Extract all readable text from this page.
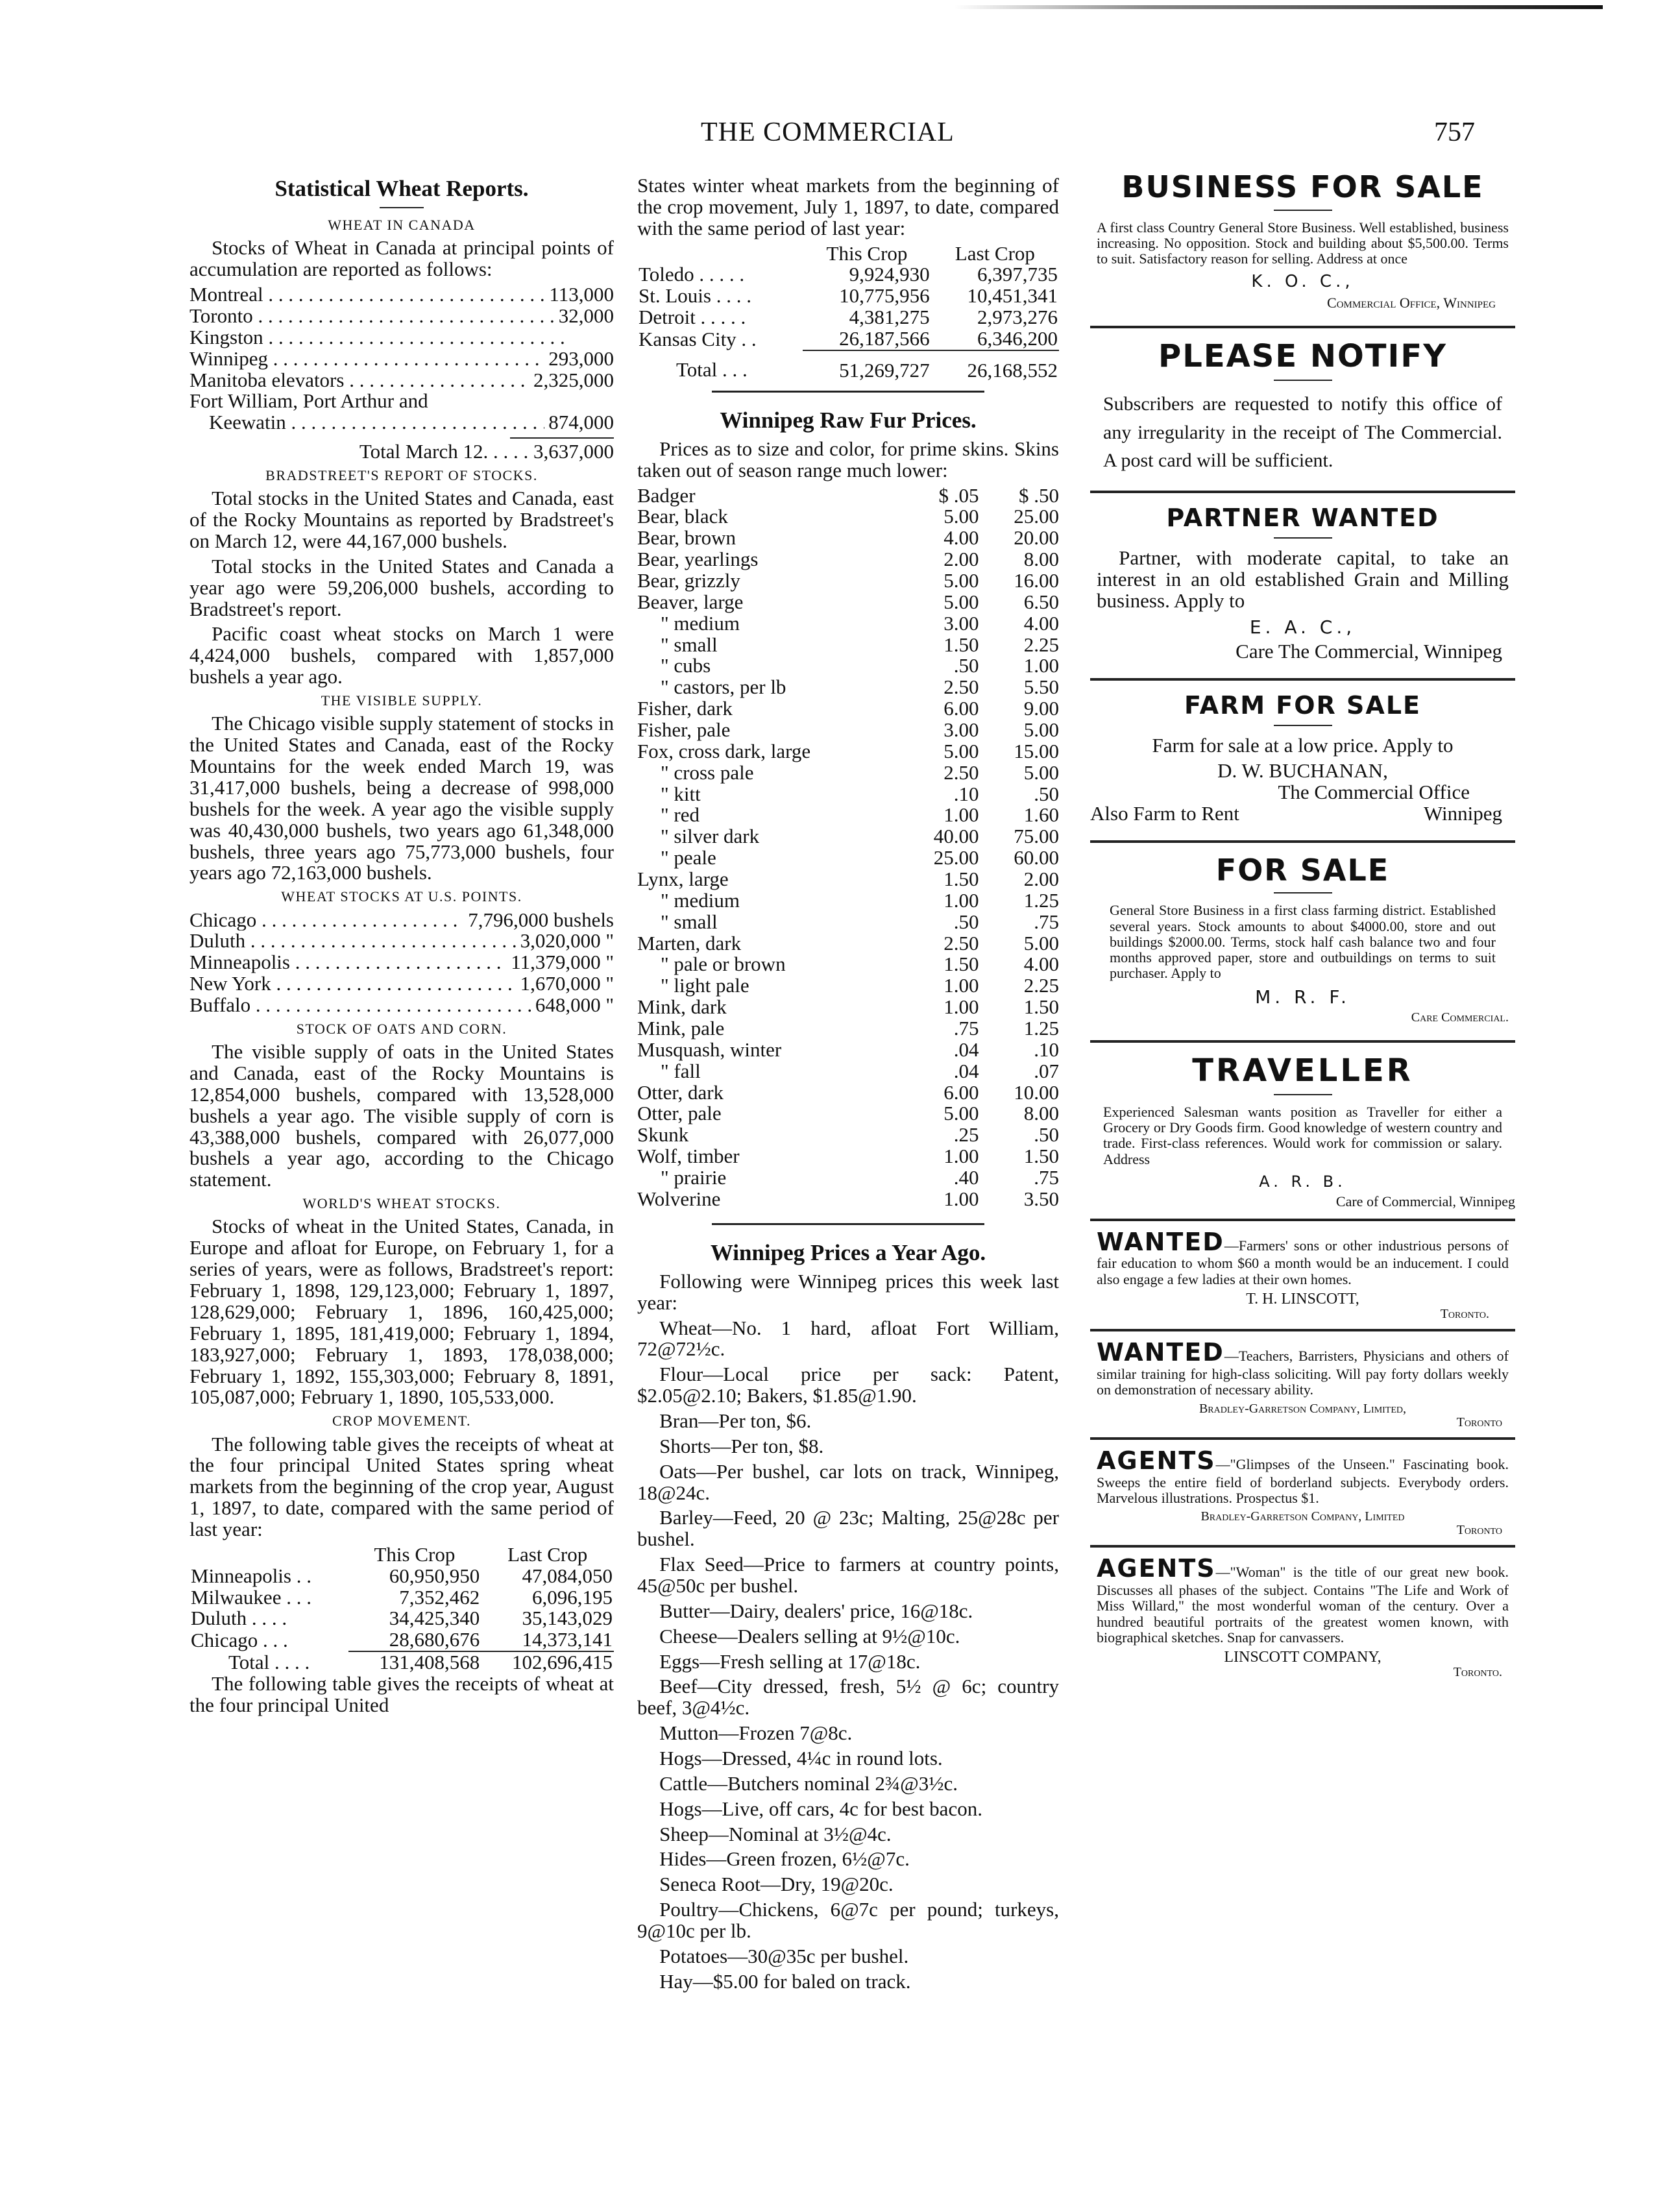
THE COMMERCIAL	757
Statistical Wheat Reports.
WHEAT IN CANADA

Stocks of Wheat in Canada at principal points of accumulation are reported as follows:

Montreal . . .	113,000
Toronto . . .	32,000
Kingston . . .
Winnipeg . . .	293,000
Manitoba elevators . . .	2,325,000
Fort William, Port Arthur and
Keewatin . . .	874,000
Total March 12. . . . . 3,637,000
BRADSTREET'S REPORT OF STOCKS.

Total stocks in the United States and Canada, east of the Rocky Mountains as reported by Bradstreet's on March 12, were 44,167,000 bushels.

Total stocks in the United States and Canada a year ago were 59,206,000 bushels, according to Bradstreet's report.

Pacific coast wheat stocks on March 1 were 4,424,000 bushels, compared with 1,857,000 bushels a year ago.

THE VISIBLE SUPPLY.

The Chicago visible supply statement of stocks in the United States and Canada, east of the Rocky Mountains for the week ended March 19, was 31,417,000 bushels, being a decrease of 998,000 bushels for the week. A year ago the visible supply was 40,430,000 bushels, two years ago 61,348,000 bushels, three years ago 75,773,000 bushels, four years ago 72,163,000 bushels.

WHEAT STOCKS AT U.S. POINTS.
Chicago . . .	7,796,000 bushels
Duluth . . .	3,020,000 "
Minneapolis . . .	11,379,000 "
New York . . .	1,670,000 "
Buffalo . . .	648,000 "
STOCK OF OATS AND CORN.

The visible supply of oats in the United States and Canada, east of the Rocky Mountains is 12,854,000 bushels, compared with 13,528,000 bushels a year ago. The visible supply of corn is 43,388,000 bushels, compared with 26,077,000 bushels a year ago, according to the Chicago statement.

WORLD'S WHEAT STOCKS.

Stocks of wheat in the United States, Canada, in Europe and afloat for Europe, on February 1, for a series of years, were as follows, Bradstreet's report: February 1, 1898, 129,123,000; February 1, 1897, 128,629,000; February 1, 1896, 160,425,000; February 1, 1895, 181,419,000; February 1, 1894, 183,927,000; February 1, 1893, 178,038,000; February 1, 1892, 155,303,000; February 8, 1891, 105,087,000; February 1, 1890, 105,533,000.

CROP MOVEMENT.

The following table gives the receipts of wheat at the four principal United States spring wheat markets from the beginning of the crop year, August 1, 1897, to date, compared with the same period of last year:

	This Crop	Last Crop
Minneapolis . .	60,950,950	47,084,050
Milwaukee . . .	7,352,462	6,096,195
Duluth . . . .	34,425,340	35,143,029
Chicago . . .	28,680,676	14,373,141
Total . . . .	131,408,568	102,696,415

The following table gives the receipts of wheat at the four principal United

States winter wheat markets from the beginning of the crop movement, July 1, 1897, to date, compared with the same period of last year:

	This Crop	Last Crop
Toledo . . . . .	9,924,930	6,397,735
St. Louis . . . .	10,775,956	10,451,341
Detroit . . . . .	4,381,275	2,973,276
Kansas City . .	26,187,566	6,346,200
Total . . .	51,269,727	26,168,552
Winnipeg Raw Fur Prices.

Prices as to size and color, for prime skins. Skins taken out of season range much lower:

Badger	$ .05	$ .50
Bear, black	5.00	25.00
Bear, brown	4.00	20.00
Bear, yearlings	2.00	8.00
Bear, grizzly	5.00	16.00
Beaver, large	5.00	6.50
" medium	3.00	4.00
" small	1.50	2.25
" cubs	.50	1.00
" castors, per lb	2.50	5.50
Fisher, dark	6.00	9.00
Fisher, pale	3.00	5.00
Fox, cross dark, large	5.00	15.00
" cross pale	2.50	5.00
" kitt	.10	.50
" red	1.00	1.60
" silver dark	40.00	75.00
" peale	25.00	60.00
Lynx, large	1.50	2.00
" medium	1.00	1.25
" small	.50	.75
Marten, dark	2.50	5.00
" pale or brown	1.50	4.00
" light pale	1.00	2.25
Mink, dark	1.00	1.50
Mink, pale	.75	1.25
Musquash, winter	.04	.10
" fall	.04	.07
Otter, dark	6.00	10.00
Otter, pale	5.00	8.00
Skunk	.25	.50
Wolf, timber	1.00	1.50
" prairie	.40	.75
Wolverine	1.00	3.50
Winnipeg Prices a Year Ago.

Following were Winnipeg prices this week last year:

Wheat—No. 1 hard, afloat Fort William, 72@72½c.

Flour—Local price per sack: Patent, $2.05@2.10; Bakers, $1.85@1.90.

Bran—Per ton, $6.

Shorts—Per ton, $8.

Oats—Per bushel, car lots on track, Winnipeg, 18@24c.

Barley—Feed, 20 @ 23c; Malting, 25@28c per bushel.

Flax Seed—Price to farmers at country points, 45@50c per bushel.

Butter—Dairy, dealers' price, 16@18c.

Cheese—Dealers selling at 9½@10c.

Eggs—Fresh selling at 17@18c.

Beef—City dressed, fresh, 5½ @ 6c; country beef, 3@4½c.

Mutton—Frozen 7@8c.

Hogs—Dressed, 4¼c in round lots.

Cattle—Butchers nominal 2¾@3½c.

Hogs—Live, off cars, 4c for best bacon.

Sheep—Nominal at 3½@4c.

Hides—Green frozen, 6½@7c.

Seneca Root—Dry, 19@20c.

Poultry—Chickens, 6@7c per pound; turkeys, 9@10c per lb.

Potatoes—30@35c per bushel.

Hay—$5.00 for baled on track.

BUSINESS FOR SALE

A first class Country General Store Business. Well established, business increasing. No opposition. Stock and building about $5,500.00. Terms to suit. Satisfactory reason for selling. Address at once

K. O. C.,
Commercial Office, Winnipeg
PLEASE NOTIFY

Subscribers are requested to notify this office of any irregularity in the receipt of The Commercial. A post card will be sufficient.

PARTNER WANTED

Partner, with moderate capital, to take an interest in an old established Grain and Milling business. Apply to

E. A. C.,
Care The Commercial, Winnipeg
FARM FOR SALE

Farm for sale at a low price. Apply to

D. W. BUCHANAN,
The Commercial Office
Also Farm to Rent	Winnipeg
FOR SALE

General Store Business in a first class farming district. Established several years. Stock amounts to about $4000.00, store and out buildings $2000.00. Terms, stock half cash balance two and four months approved paper, store and outbuildings on terms to suit purchaser. Apply to

M. R. F.
Care Commercial.
TRAVELLER

Experienced Salesman wants position as Traveller for either a Grocery or Dry Goods firm. Good knowledge of western country and trade. First-class references. Would work for commission or salary. Address

A. R. B.
Care of Commercial, Winnipeg
WANTED—Farmers' sons or other industrious persons of fair education to whom $60 a month would be an inducement. I could also engage a few ladies at their own homes.
T. H. LINSCOTT,
Toronto.
WANTED—Teachers, Barristers, Physicians and others of similar training for high-class soliciting. Will pay forty dollars weekly on demonstration of necessary ability.
Bradley-Garretson Company, Limited,
Toronto
AGENTS—"Glimpses of the Unseen." Fascinating book. Sweeps the entire field of borderland subjects. Everybody orders. Marvelous illustrations. Prospectus $1.
Bradley-Garretson Company, Limited
Toronto
AGENTS—"Woman" is the title of our great new book. Discusses all phases of the subject. Contains "The Life and Work of Miss Willard," the most wonderful woman of the century. Over a hundred beautiful portraits of the greatest women known, with biographical sketches. Snap for canvassers.
LINSCOTT COMPANY,
Toronto.
